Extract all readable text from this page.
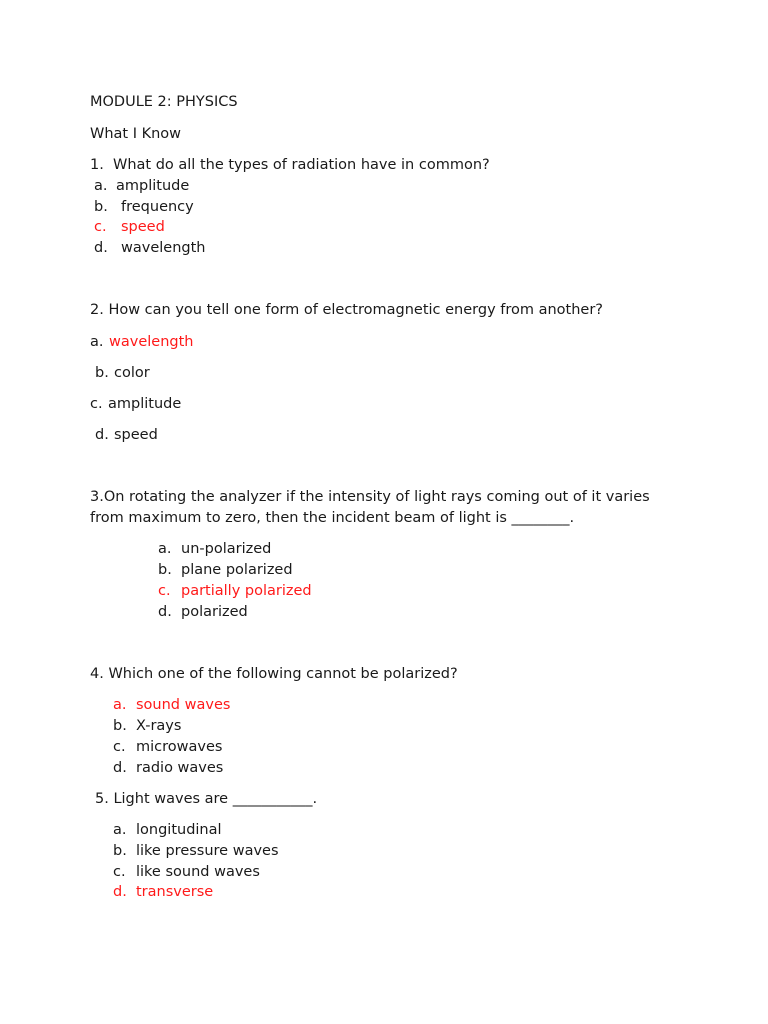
MODULE 2: PHYSICS
What I Know
1. What do all the types of radiation have in common?
a. amplitude
b. frequency
c. speed
d. wavelength
2. How can you tell one form of electromagnetic energy from another?
a. wavelength
b. color
c. amplitude
d. speed
3.On rotating the analyzer if the intensity of light rays coming out of it varies
from maximum to zero, then the incident beam of light is ________.
a. un-polarized
b. plane polarized
c. partially polarized
d. polarized
4. Which one of the following cannot be polarized?
a. sound waves
b. X-rays
c. microwaves
d. radio waves
5. Light waves are ___________.
a. longitudinal
b. like pressure waves
c. like sound waves
d. transverse
